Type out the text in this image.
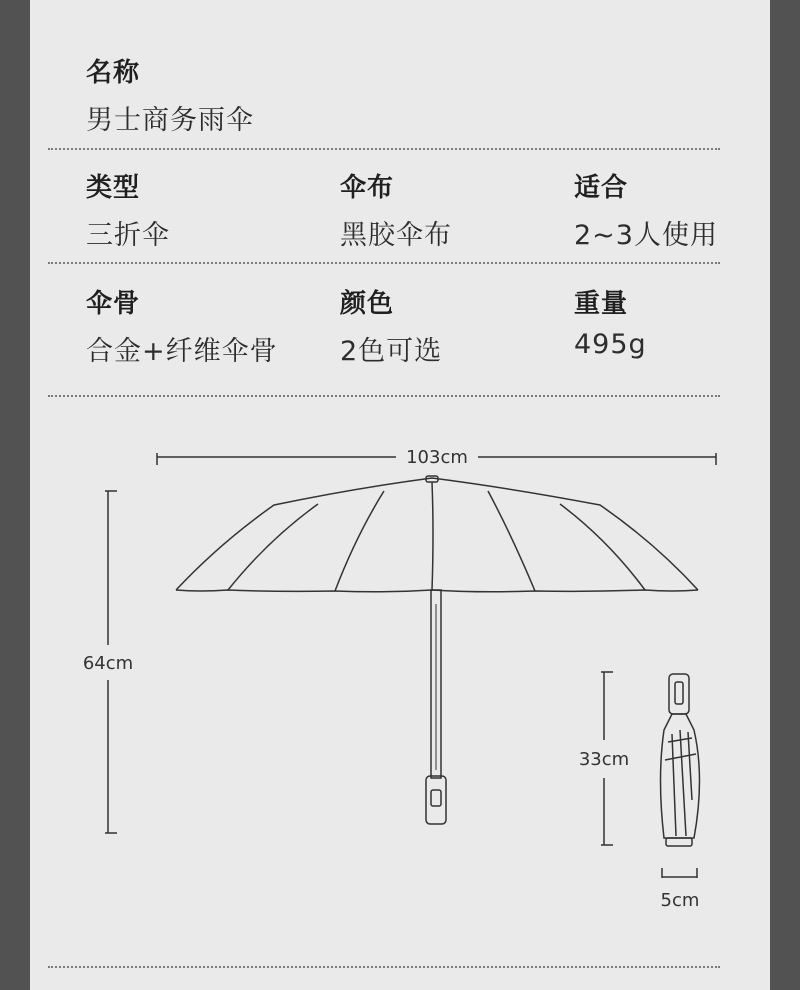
名称
男士商务雨伞
类型
三折伞
伞布
黑胶伞布
适合
2~3人使用
伞骨
合金+纤维伞骨
颜色
2色可选
重量
495g
103cm
64cm
33cm
5cm
